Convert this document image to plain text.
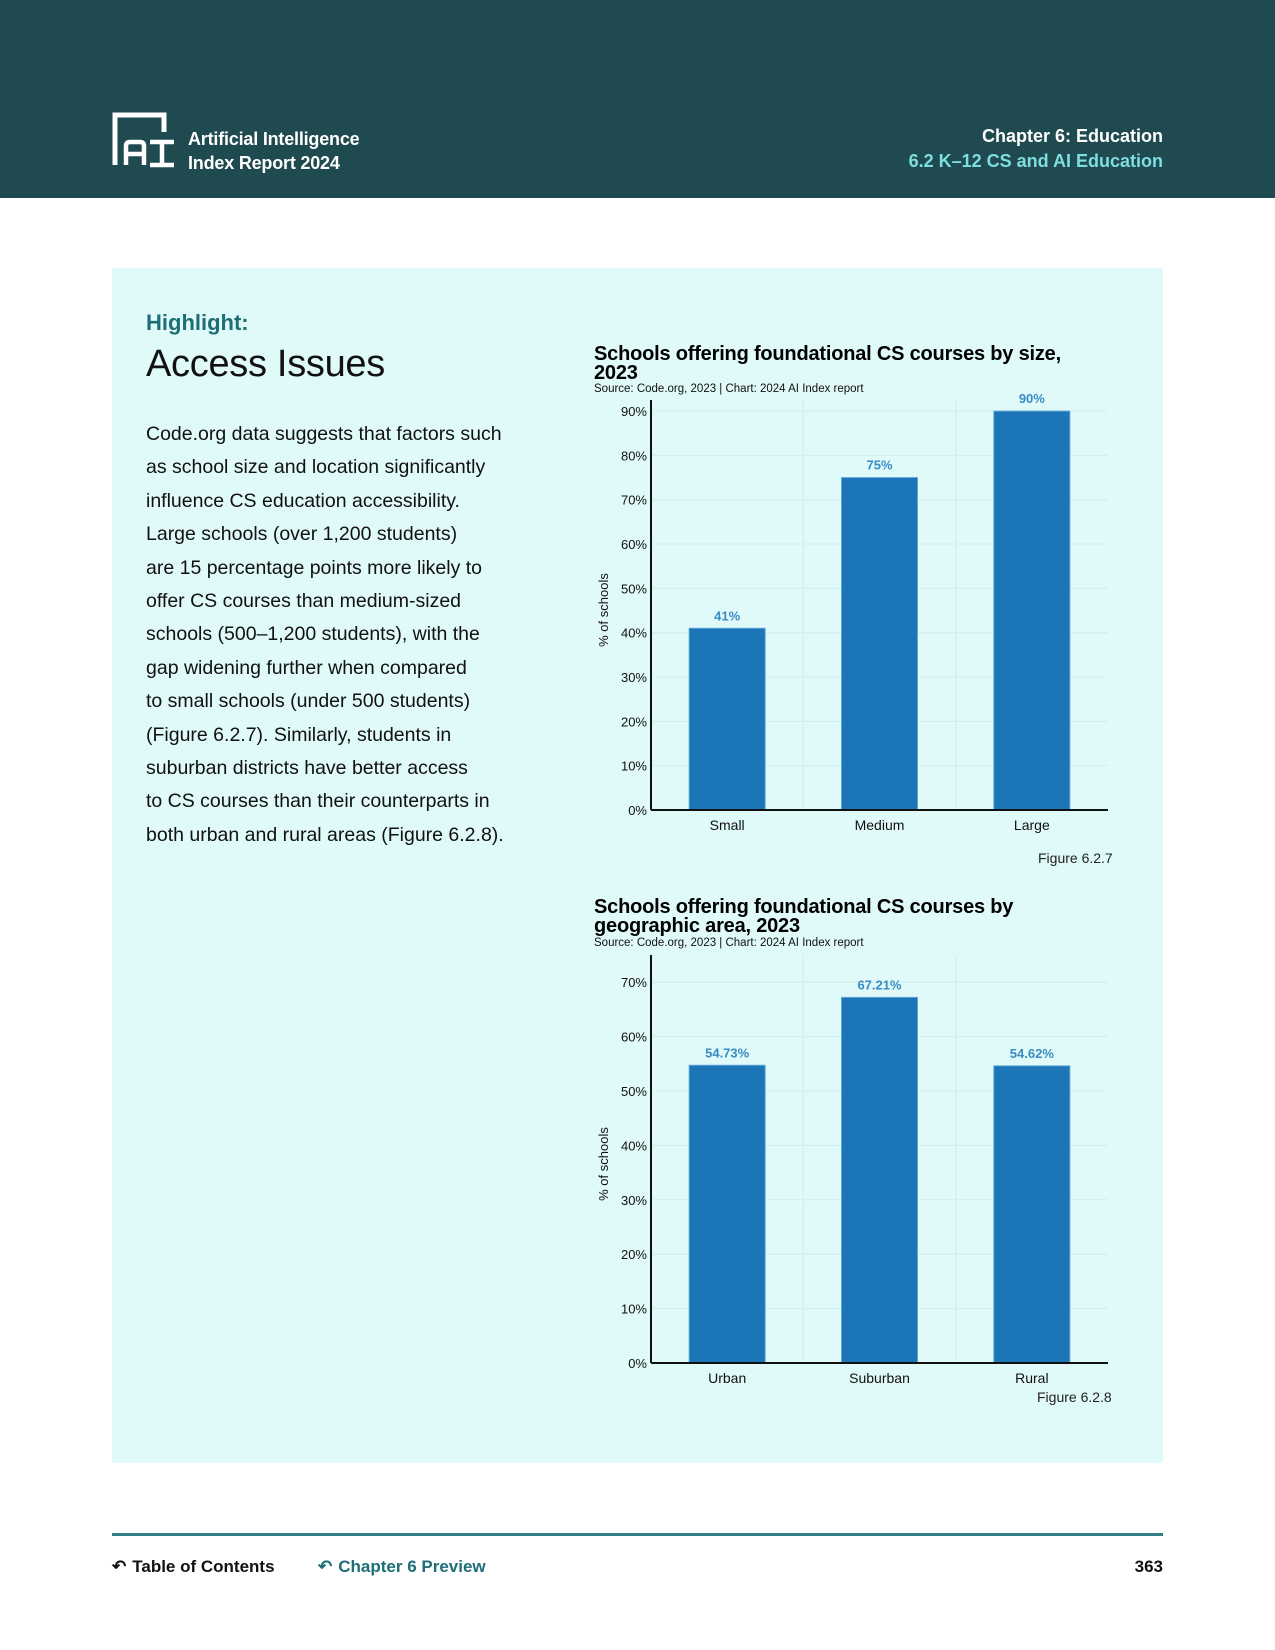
Artificial Intelligence
Index Report 2024
Chapter 6: Education
6.2 K–12 CS and AI Education
Highlight:
Access Issues
Code.org data suggests that factors such
as school size and location significantly
influence CS education accessibility.
Large schools (over 1,200 students)
are 15 percentage points more likely to
offer CS courses than medium-sized
schools (500–1,200 students), with the
gap widening further when compared
to small schools (under 500 students)
(Figure 6.2.7). Similarly, students in
suburban districts have better access
to CS courses than their counterparts in
both urban and rural areas (Figure 6.2.8).
Schools offering foundational CS courses by size,
2023
Source: Code.org, 2023 | Chart: 2024 AI Index report
Figure 6.2.7
Schools offering foundational CS courses by
geographic area, 2023
Source: Code.org, 2023 | Chart: 2024 AI Index report
Figure 6.2.8
0%
10%
20%
30%
40%
50%
60%
70%
80%
90%
41%
Small
75%
Medium
90%
Large
% of schools
0%
10%
20%
30%
40%
50%
60%
70%
54.73%
Urban
67.21%
Suburban
54.62%
Rural
% of schools
↶ Table of Contents	↶ Chapter 6 Preview	363
